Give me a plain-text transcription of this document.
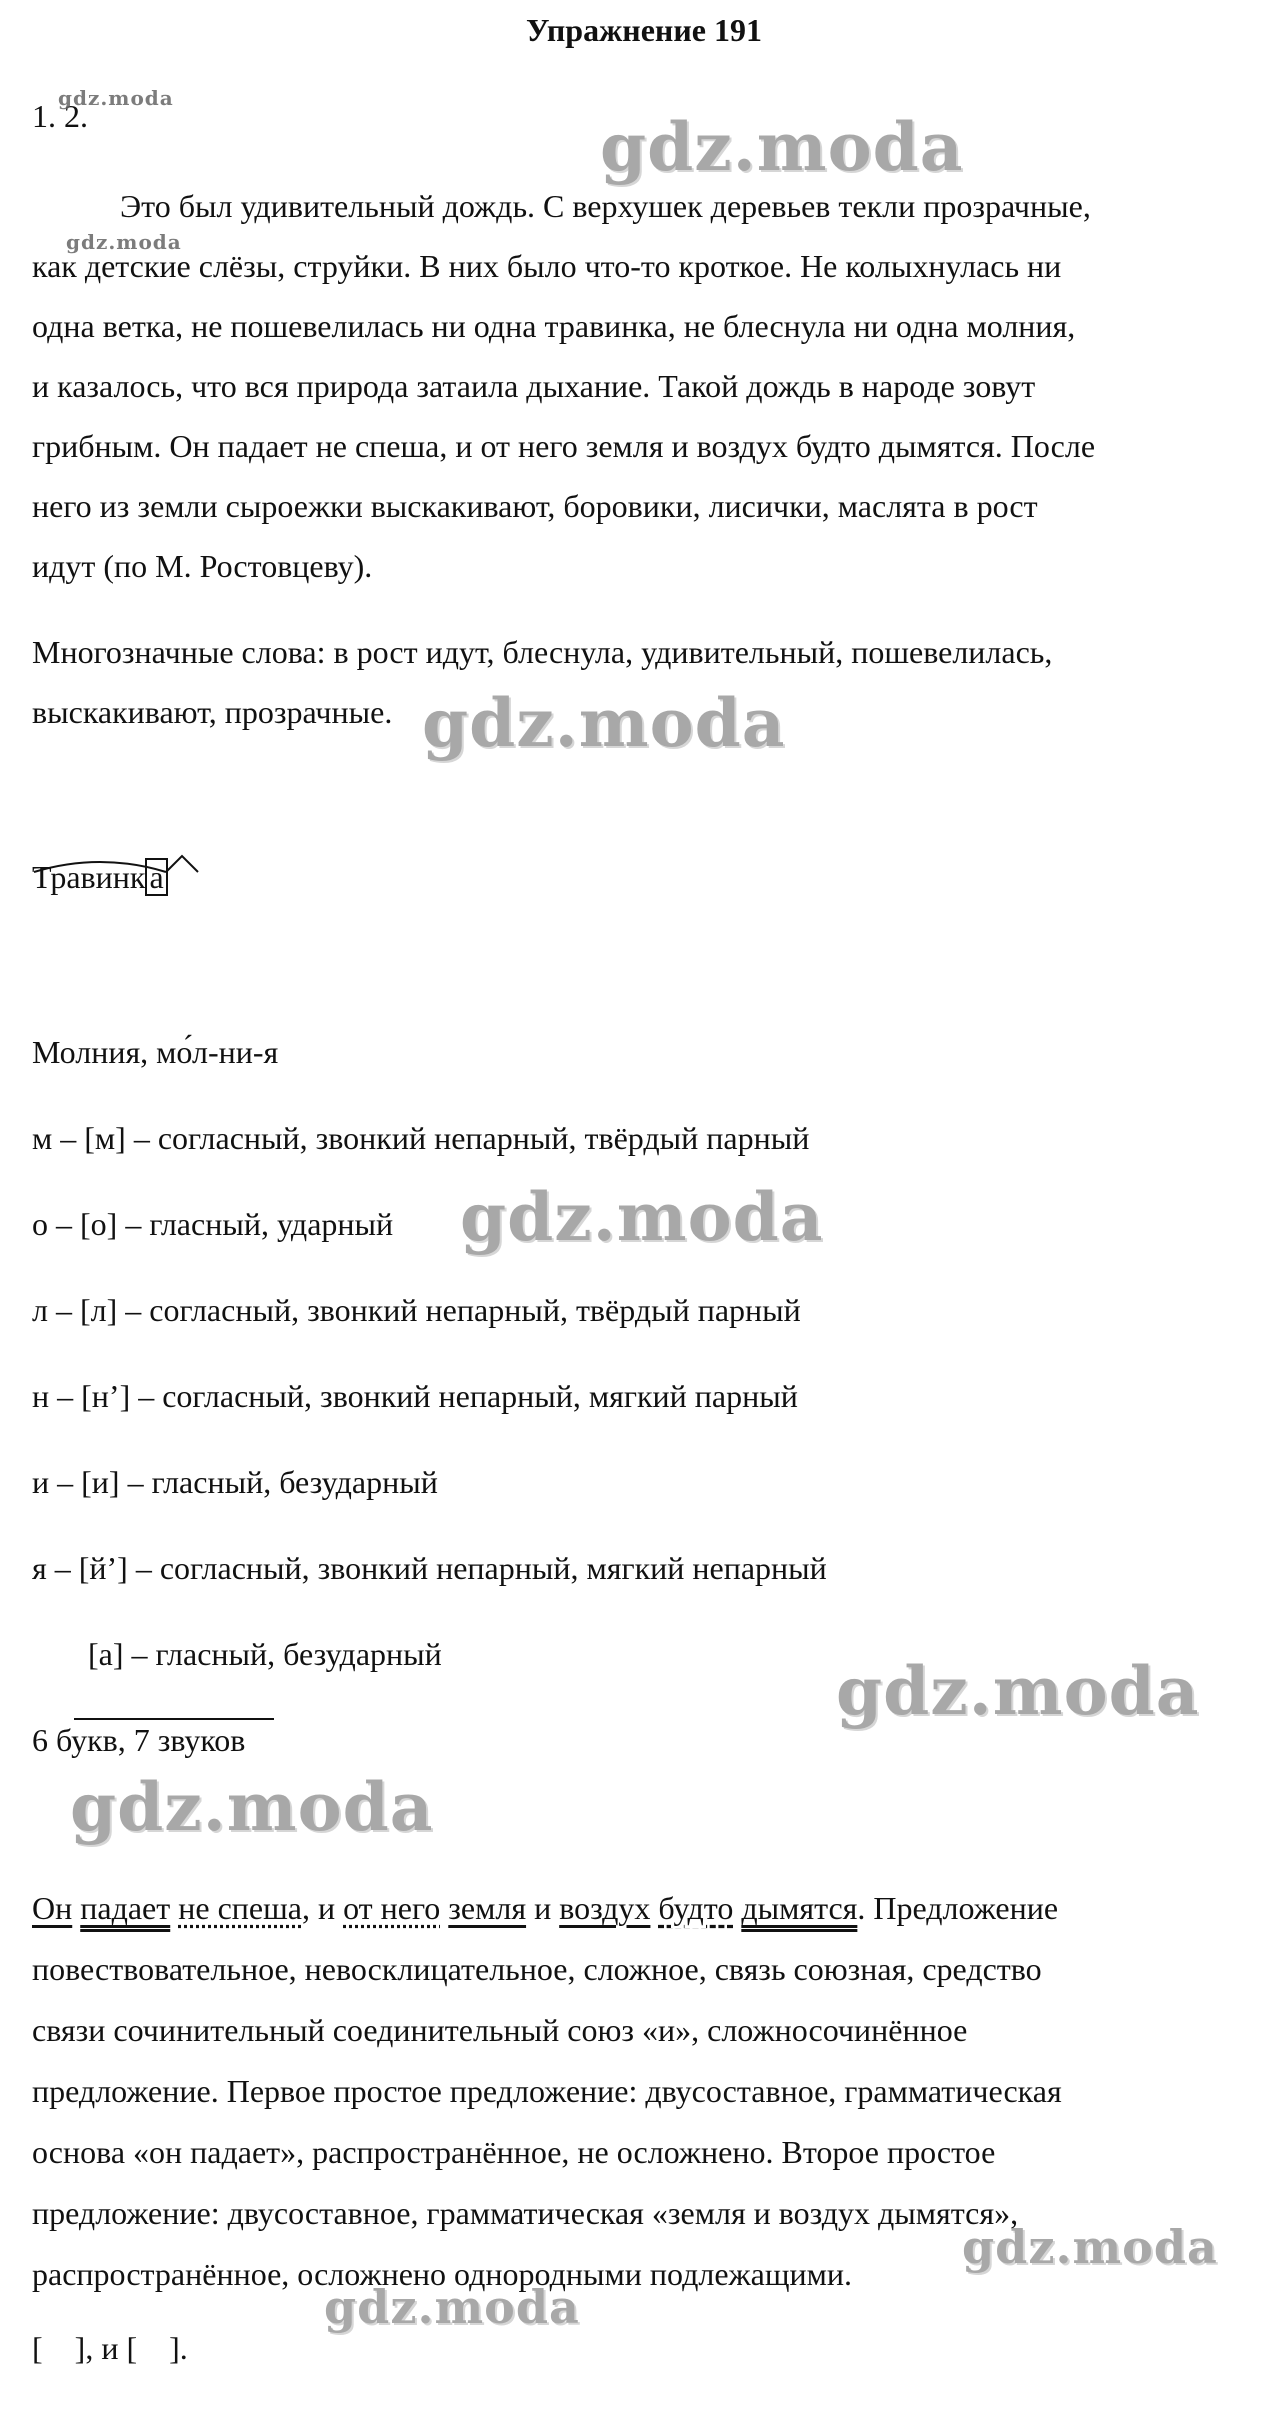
Упражнение 191
1. 2.
gdz.moda
gdz.moda
gdz.moda
Это был удивительный дождь. С верхушек деревьев текли прозрачные,
как детские слёзы, струйки. В них было что-то кроткое. Не колыхнулась ни
одна ветка, не пошевелилась ни одна травинка, не блеснула ни одна молния,
и казалось, что вся природа затаила дыхание. Такой дождь в народе зовут
грибным. Он падает не спеша, и от него земля и воздух будто дымятся. После
него из земли сыроежки выскакивают, боровики, лисички, маслята в рост
идут (по М. Ростовцеву).
Многозначные слова: в рост идут, блеснула, удивительный, пошевелилась,
выскакивают, прозрачные. gdz.moda
Травинк а
Молния, мо́л-ни-я
м – [м] – согласный, звонкий непарный, твёрдый парный
о – [о] – гласный, ударный gdz.moda
л – [л] – согласный, звонкий непарный, твёрдый парный
н – [н’] – согласный, звонкий непарный, мягкий парный
и – [и] – гласный, безударный
я – [й’] – согласный, звонкий непарный, мягкий непарный
[а] – гласный, безударный	gdz.moda
6 букв, 7 звуков
gdz.moda
Он падает не спеша, и от него земля и воздух будто дымятся. Предложение
повествовательное, невосклицательное, сложное, связь союзная, средство
связи сочинительный соединительный союз «и», сложносочинённое
предложение. Первое простое предложение: двусоставное, грамматическая
основа «он падает», распространённое, не осложнено. Второе простое
предложение: двусоставное, грамматическая «земля и воздух дымятся»,
распространённое, осложнено однородными подлежащими.	gdz.moda
gdz.moda
[    ], и [    ].
